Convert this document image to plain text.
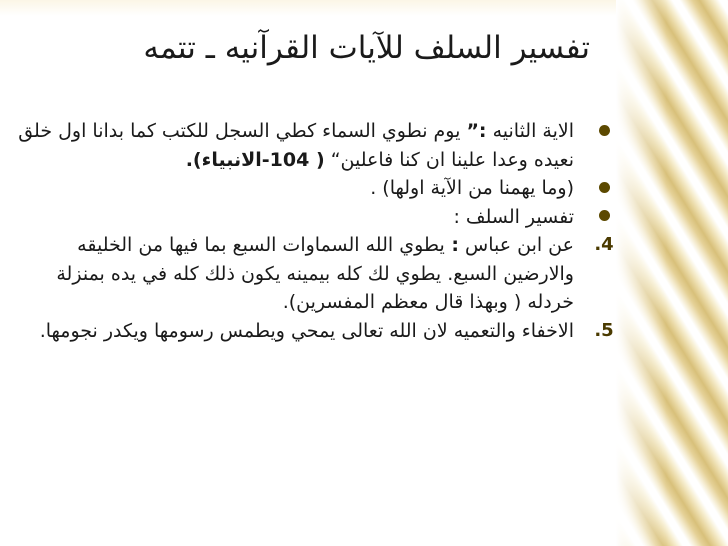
تفسير السلف للآيات القرآنيه ـ تتمه
الاية الثانيه :” يوم نطوي السماء كطي السجل للكتب كما بدانا اول خلق نعيده وعدا علينا ان كنا فاعلين“ ( 104-الانبياء).
(وما يهمنا من الآية اولها) .
تفسير السلف :
4.
عن ابن عباس : يطوي الله السماوات السبع بما فيها من الخليقه والارضين السبع. يطوي لك كله بيمينه يكون ذلك كله في يده بمنزلة خردله ( وبهذا قال معظم المفسرين).
5.
الاخفاء والتعميه لان الله تعالى يمحي ويطمس رسومها ويكدر نجومها.
